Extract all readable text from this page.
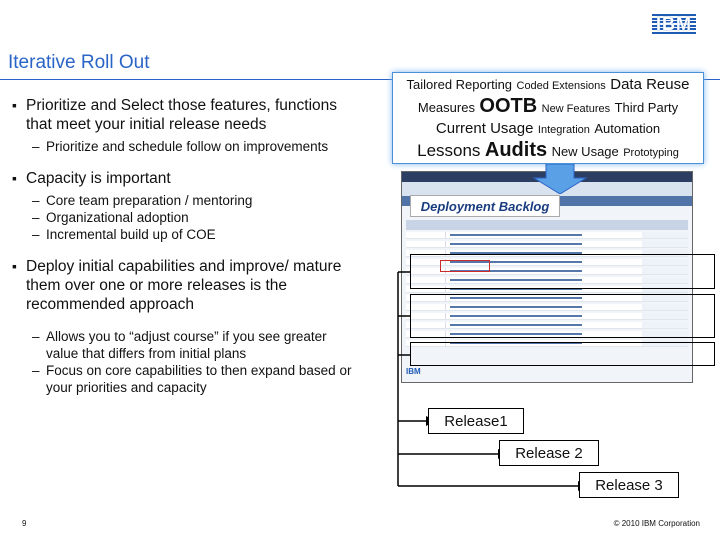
IBM
Iterative Roll Out
▪ Prioritize and Select those features, functions that meet your initial release needs
– Prioritize and schedule follow on improvements
▪ Capacity is important
– Core team preparation / mentoring
– Organizational adoption
– Incremental build up of COE
▪ Deploy initial capabilities and improve/ mature them over one or more releases is the recommended approach
– Allows you to “adjust course” if you see greater value that differs from initial plans
– Focus on core capabilities to then expand based or your priorities and capacity
Tailored Reporting Coded Extensions Data Reuse
Measures OOTB New Features Third Party
Current Usage Integration Automation
Lessons Audits New Usage Prototyping
IBM
Deployment Backlog
Release1
Release 2
Release 3
9	© 2010 IBM Corporation
